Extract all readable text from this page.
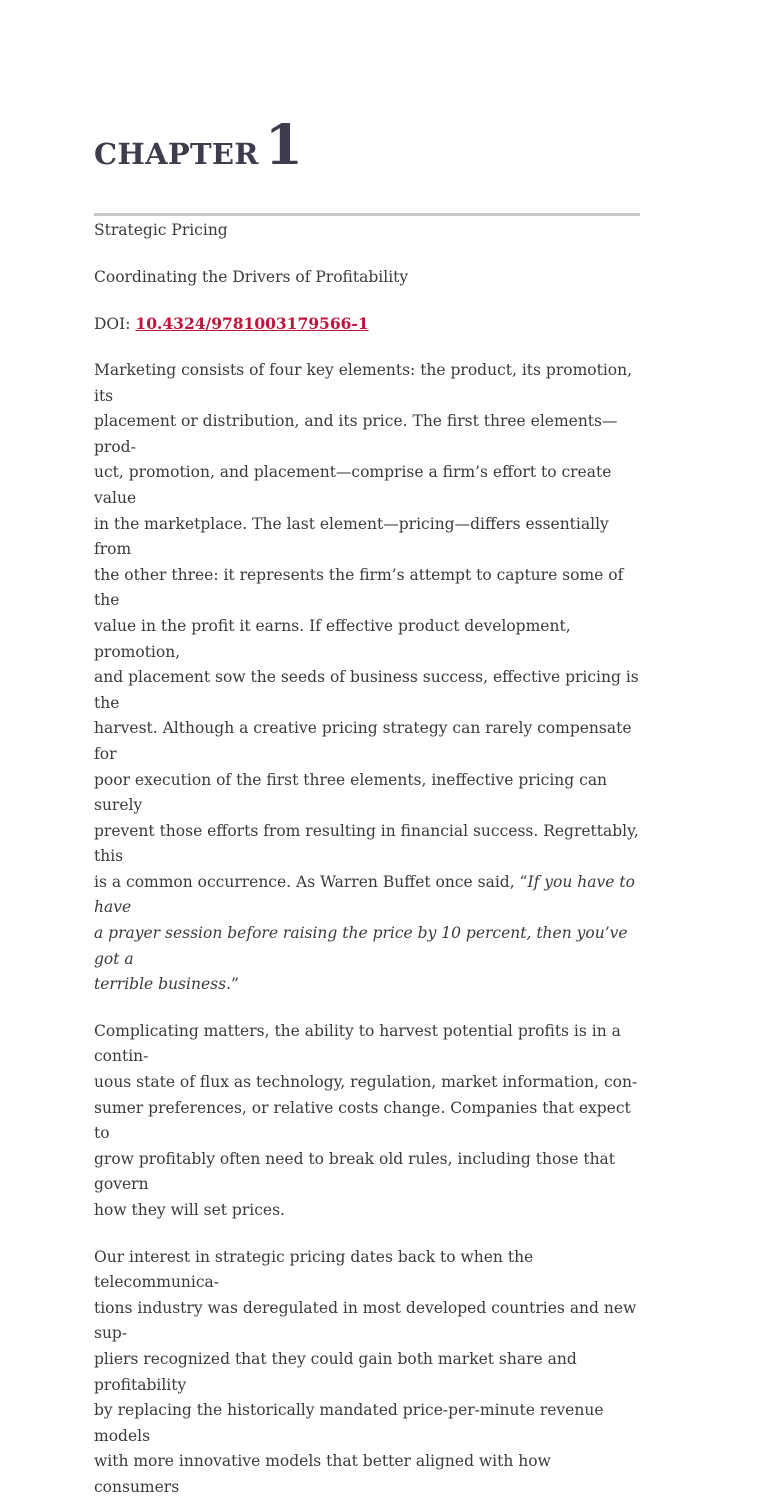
CHAPTER 1

Strategic Pricing

Coordinating the Drivers of Profitability

DOI: 10.4324/9781003179566-1

Marketing consists of four key elements: the product, its promotion, its
placement or distribution, and its price. The first three elements—prod-
uct, promotion, and placement—comprise a firm’s effort to create value
in the marketplace. The last element—pricing—differs essentially from
the other three: it represents the firm’s attempt to capture some of the
value in the profit it earns. If effective product development, promotion,
and placement sow the seeds of business success, effective pricing is the
harvest. Although a creative pricing strategy can rarely compensate for
poor execution of the first three elements, ineffective pricing can surely
prevent those efforts from resulting in financial success. Regrettably, this
is a common occurrence. As Warren Buffet once said, “If you have to have
a prayer session before raising the price by 10 percent, then you’ve got a
terrible business.”

Complicating matters, the ability to harvest potential profits is in a contin-
uous state of flux as technology, regulation, market information, con-
sumer preferences, or relative costs change. Companies that expect to
grow profitably often need to break old rules, including those that govern
how they will set prices.

Our interest in strategic pricing dates back to when the telecommunica-
tions industry was deregulated in most developed countries and new sup-
pliers recognized that they could gain both market share and profitability
by replacing the historically mandated price-per-minute revenue models
with more innovative models that better aligned with how consumers
